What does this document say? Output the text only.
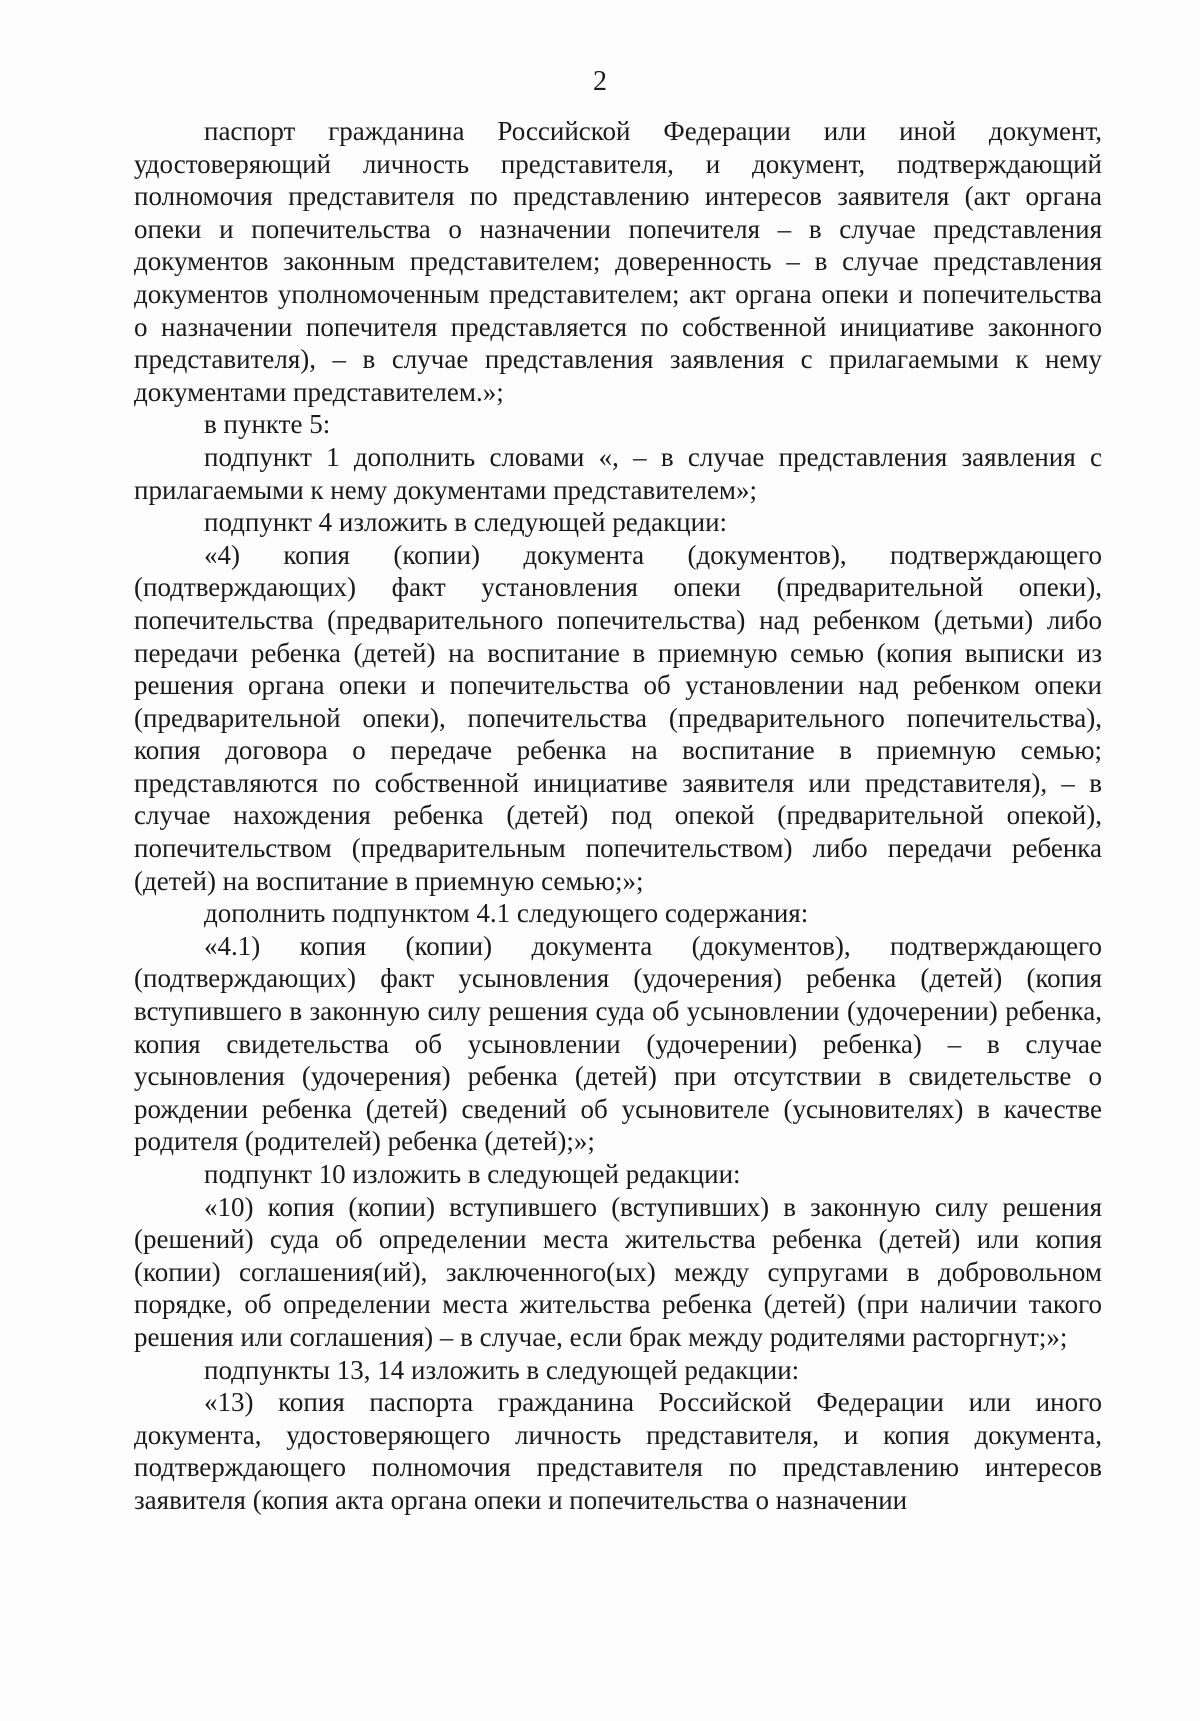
2

паспорт гражданина Российской Федерации или иной документ, удостоверяющий личность представителя, и документ, подтверждающий полномочия представителя по представлению интересов заявителя (акт органа опеки и попечительства о назначении попечителя – в случае представления документов законным представителем; доверенность – в случае представления документов уполномоченным представителем; акт органа опеки и попечительства о назначении попечителя представляется по собственной инициативе законного представителя), – в случае представления заявления с прилагаемыми к нему документами представителем.»;

в пункте 5:

подпункт 1 дополнить словами «, – в случае представления заявления с прилагаемыми к нему документами представителем»;

подпункт 4 изложить в следующей редакции:

«4) копия (копии) документа (документов), подтверждающего (подтверждающих) факт установления опеки (предварительной опеки), попечительства (предварительного попечительства) над ребенком (детьми) либо передачи ребенка (детей) на воспитание в приемную семью (копия выписки из решения органа опеки и попечительства об установлении над ребенком опеки (предварительной опеки), попечительства (предварительного попечительства), копия договора о передаче ребенка на воспитание в приемную семью; представляются по собственной инициативе заявителя или представителя), – в случае нахождения ребенка (детей) под опекой (предварительной опекой), попечительством (предварительным попечительством) либо передачи ребенка (детей) на воспитание в приемную семью;»;

дополнить подпунктом 4.1 следующего содержания:

«4.1) копия (копии) документа (документов), подтверждающего (подтверждающих) факт усыновления (удочерения) ребенка (детей) (копия вступившего в законную силу решения суда об усыновлении (удочерении) ребенка, копия свидетельства об усыновлении (удочерении) ребенка) – в случае усыновления (удочерения) ребенка (детей) при отсутствии в свидетельстве о рождении ребенка (детей) сведений об усыновителе (усыновителях) в качестве родителя (родителей) ребенка (детей);»;

подпункт 10 изложить в следующей редакции:

«10) копия (копии) вступившего (вступивших) в законную силу решения (решений) суда об определении места жительства ребенка (детей) или копия (копии) соглашения(ий), заключенного(ых) между супругами в добровольном порядке, об определении места жительства ребенка (детей) (при наличии такого решения или соглашения) – в случае, если брак между родителями расторгнут;»;

подпункты 13, 14 изложить в следующей редакции:

«13) копия паспорта гражданина Российской Федерации или иного документа, удостоверяющего личность представителя, и копия документа, подтверждающего полномочия представителя по представлению интересов заявителя (копия акта органа опеки и попечительства о назначении
